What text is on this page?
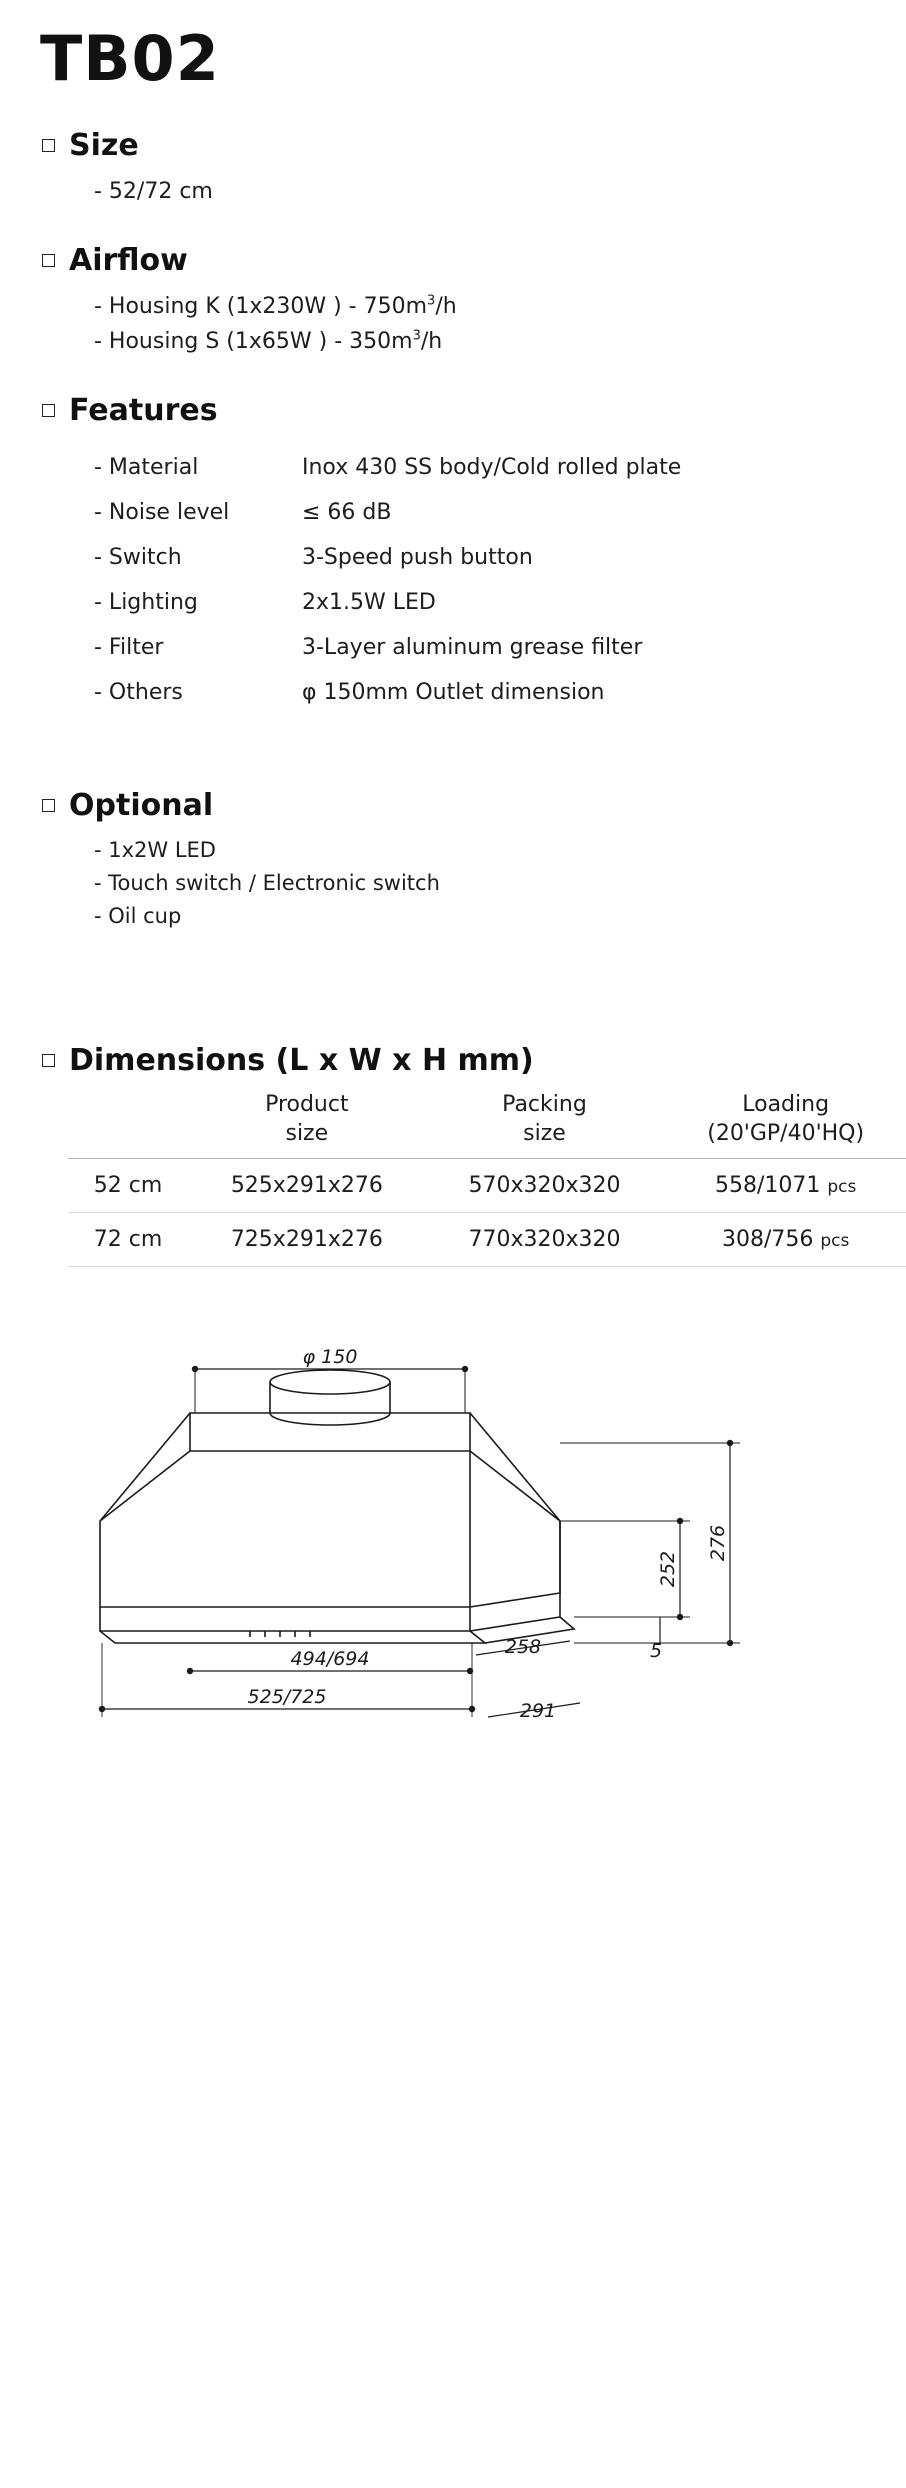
TB02
Size
- 52/72 cm
Airflow
- Housing K (1x230W ) - $750m^3/h$
- Housing S (1x65W ) - $350m^3/h$
Features
- Material	Inox 430 SS body/Cold rolled plate
- Noise level	≤ 66 dB
- Switch	3-Speed push button
- Lighting	2x1.5W LED
- Filter	3-Layer aluminum grease filter
- Others	φ 150mm Outlet dimension
Optional
- 1x2W LED
- Touch switch / Electronic switch
- Oil cup
Dimensions (L x W x H mm)

Product
size

Packing
size

Loading
(20'GP/40'HQ)

52 cm	525x291x276	570x320x320	558/1071 pcs
72 cm	725x291x276	770x320x320	308/756 pcs
φ 150
494/694
525/725
258
291
5
252
276
